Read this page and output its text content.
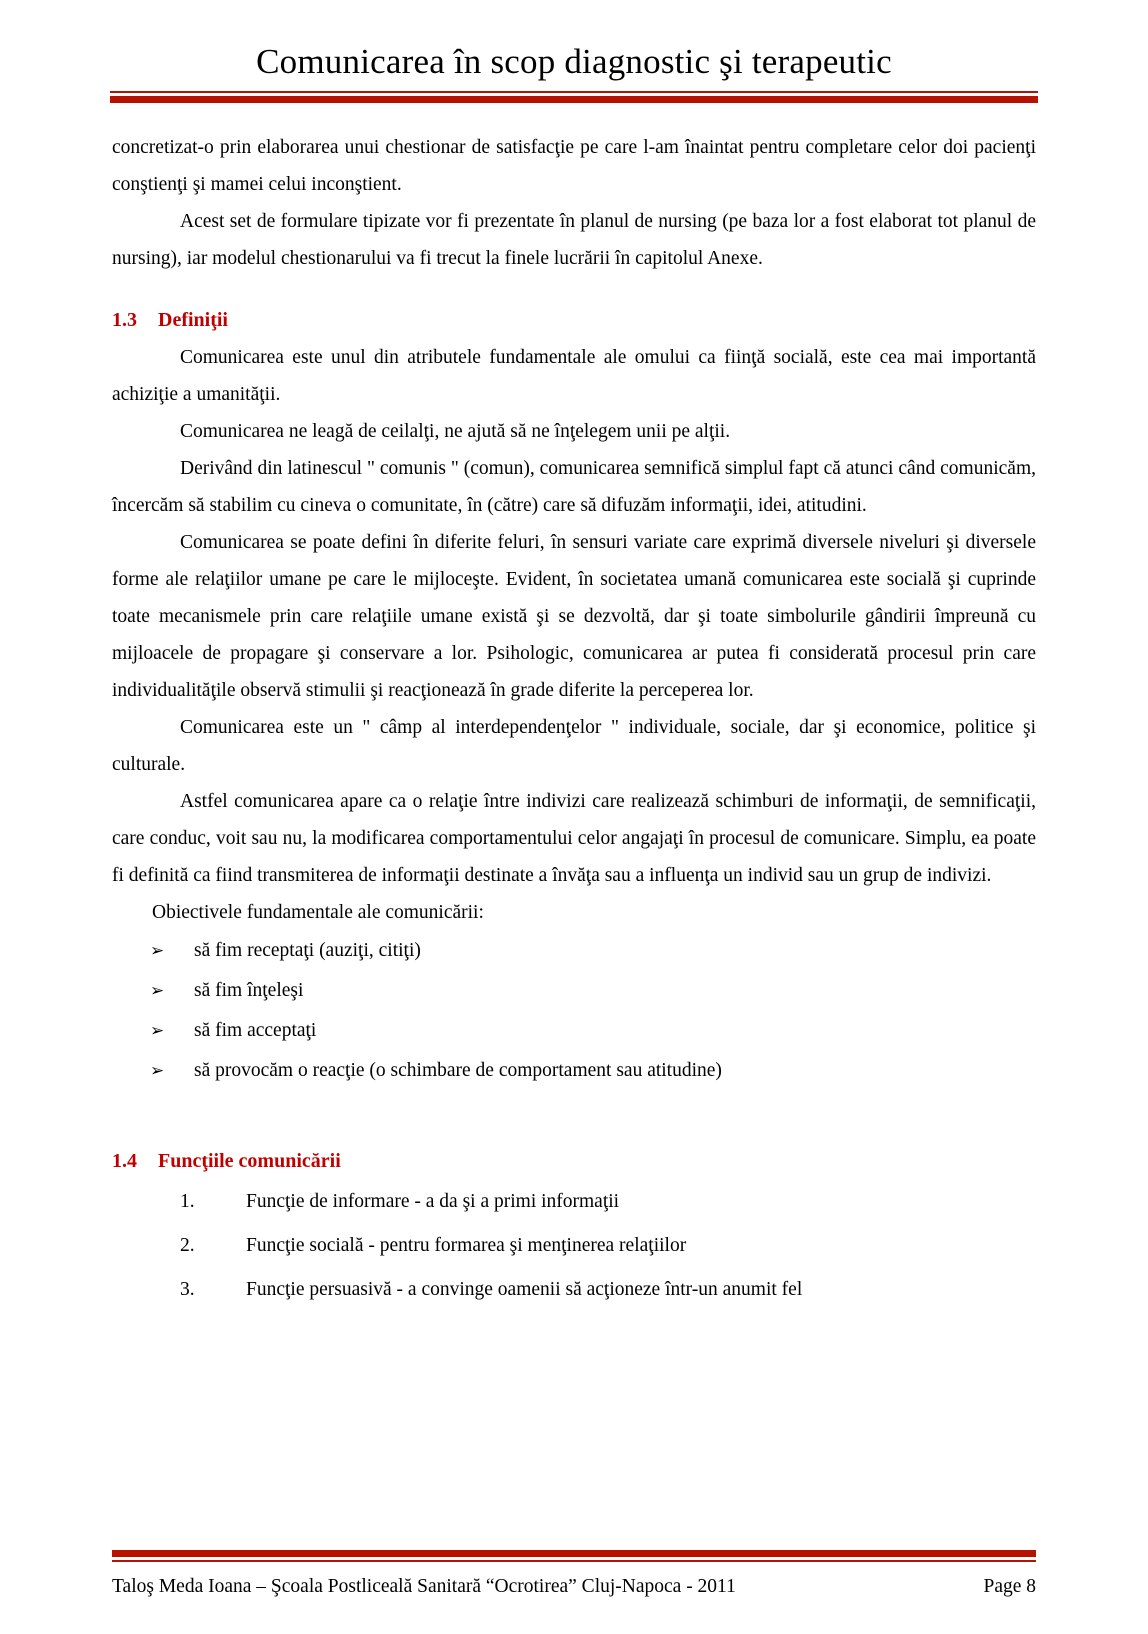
Comunicarea în scop diagnostic şi terapeutic

concretizat-o prin elaborarea unui chestionar de satisfacţie pe care l-am înaintat pentru completare celor doi pacienţi conştienţi şi mamei celui inconştient.

Acest set de formulare tipizate vor fi prezentate în planul de nursing (pe baza lor a fost elaborat tot planul de nursing), iar modelul chestionarului va fi trecut la finele lucrării în capitolul Anexe.

1.3	Definiţii

Comunicarea este unul din atributele fundamentale ale omului ca fiinţă socială, este cea mai importantă achiziţie a umanităţii.

Comunicarea ne leagă de ceilalţi, ne ajută să ne înţelegem unii pe alţii.

Derivând din latinescul " comunis " (comun), comunicarea semnifică simplul fapt că atunci când comunicăm, încercăm să stabilim cu cineva o comunitate, în (către) care să difuzăm informaţii, idei, atitudini.

Comunicarea se poate defini în diferite feluri, în sensuri variate care exprimă diversele niveluri şi diversele forme ale relaţiilor umane pe care le mijloceşte. Evident, în societatea umană comunicarea este socială şi cuprinde toate mecanismele prin care relaţiile umane există şi se dezvoltă, dar şi toate simbolurile gândirii împreună cu mijloacele de propagare şi conservare a lor. Psihologic, comunicarea ar putea fi considerată procesul prin care individualităţile observă stimulii şi reacţionează în grade diferite la perceperea lor.

Comunicarea este un " câmp al interdependenţelor " individuale, sociale, dar şi economice, politice şi culturale.

Astfel comunicarea apare ca o relaţie între indivizi care realizează schimburi de informaţii, de semnificaţii, care conduc, voit sau nu, la modificarea comportamentului celor angajaţi în procesul de comunicare. Simplu, ea poate fi definită ca fiind transmiterea de informaţii destinate a învăţa sau a influenţa un individ sau un grup de indivizi.

Obiectivele fundamentale ale comunicării:

➢	să fim receptaţi (auziţi, citiţi)
➢	să fim înţeleşi
➢	să fim acceptaţi
➢	să provocăm o reacţie (o schimbare de comportament sau atitudine)
1.4	Funcţiile comunicării
1.	Funcţie de informare - a da şi a primi informaţii
2.	Funcţie socială - pentru formarea şi menţinerea relaţiilor
3.	Funcţie persuasivă - a convinge oamenii să acţioneze într-un anumit fel
Taloş Meda Ioana – Şcoala Postliceală Sanitară “Ocrotirea” Cluj-Napoca - 2011	Page 8
